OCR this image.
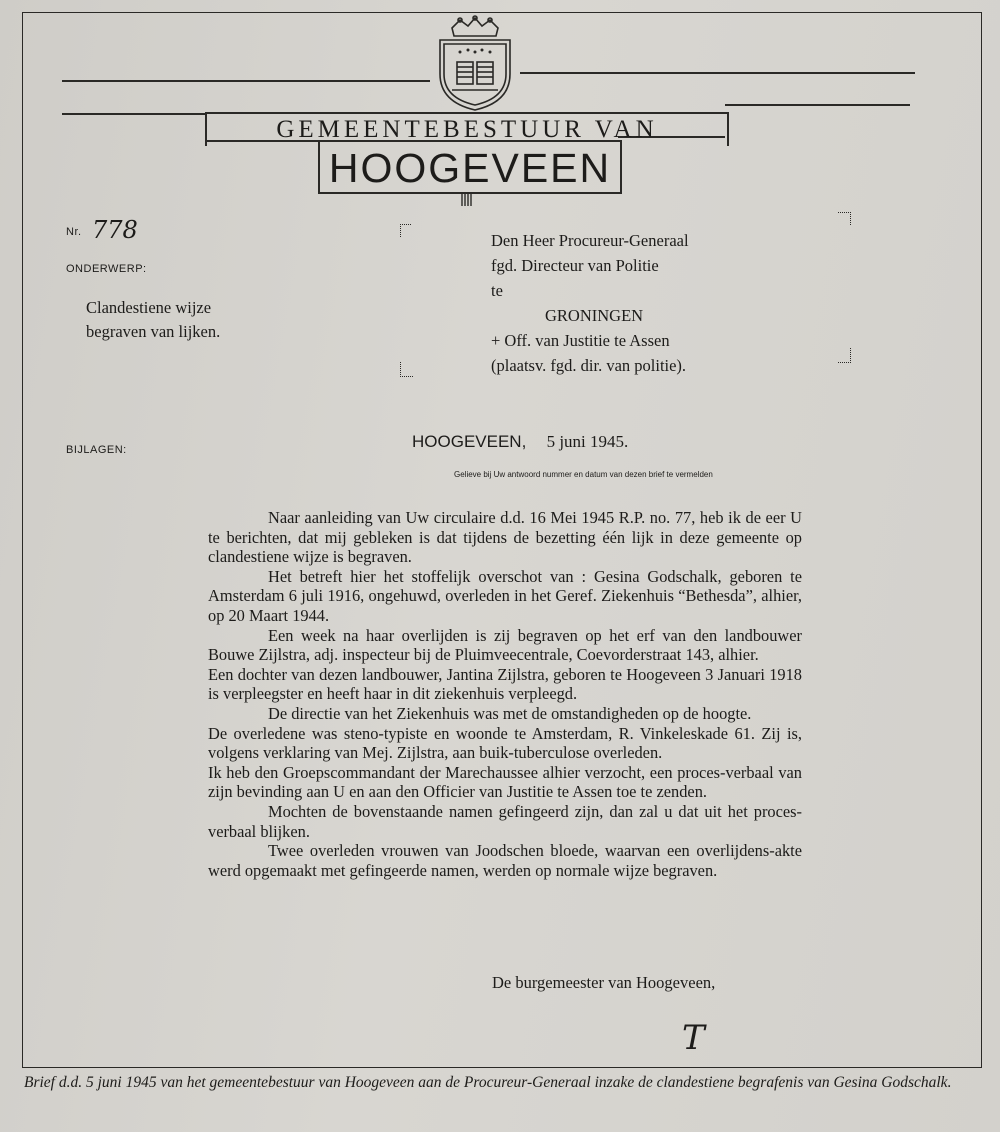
GEMEENTEBESTUUR VAN
HOOGEVEEN
Nr. 778
ONDERWERP:
Clandestiene wijze
begraven van lijken.
Den Heer Procureur-Generaal
fgd. Directeur van Politie
te
GRONINGEN
+ Off. van Justitie te Assen
(plaatsv. fgd. dir. van politie).
BIJLAGEN:	HOOGEVEEN, 5 juni 1945.
Gelieve bij Uw antwoord nummer en datum van dezen brief te vermelden

Naar aanleiding van Uw circulaire d.d. 16 Mei 1945 R.P. no. 77, heb ik de eer U te berichten, dat mij gebleken is dat tijdens de bezetting één lijk in deze gemeente op clandestiene wijze is begraven.

Het betreft hier het stoffelijk overschot van : Gesina Godschalk, geboren te Amsterdam 6 juli 1916, ongehuwd, overleden in het Geref. Ziekenhuis “Bethesda”, alhier, op 20 Maart 1944.

Een week na haar overlijden is zij begraven op het erf van den landbouwer Bouwe Zijlstra, adj. inspecteur bij de Pluimveecentrale, Coevorderstraat 143, alhier.

Een dochter van dezen landbouwer, Jantina Zijlstra, geboren te Hoogeveen 3 Januari 1918 is verpleegster en heeft haar in dit ziekenhuis verpleegd.

De directie van het Ziekenhuis was met de omstandigheden op de hoogte.

De overledene was steno-typiste en woonde te Amsterdam, R. Vinkeleskade 61. Zij is, volgens verklaring van Mej. Zijlstra, aan buik-tuberculose overleden.

Ik heb den Groepscommandant der Marechaussee alhier verzocht, een proces-verbaal van zijn bevinding aan U en aan den Officier van Justitie te Assen toe te zenden.

Mochten de bovenstaande namen gefingeerd zijn, dan zal u dat uit het proces-verbaal blijken.

Twee overleden vrouwen van Joodschen bloede, waarvan een overlijdens-akte werd opgemaakt met gefingeerde namen, werden op normale wijze begraven.

De burgemeester van Hoogeveen,
T
Brief d.d. 5 juni 1945 van het gemeentebestuur van Hoogeveen aan de Procureur-Generaal inzake de clandestiene begrafenis van Gesina Godschalk.
